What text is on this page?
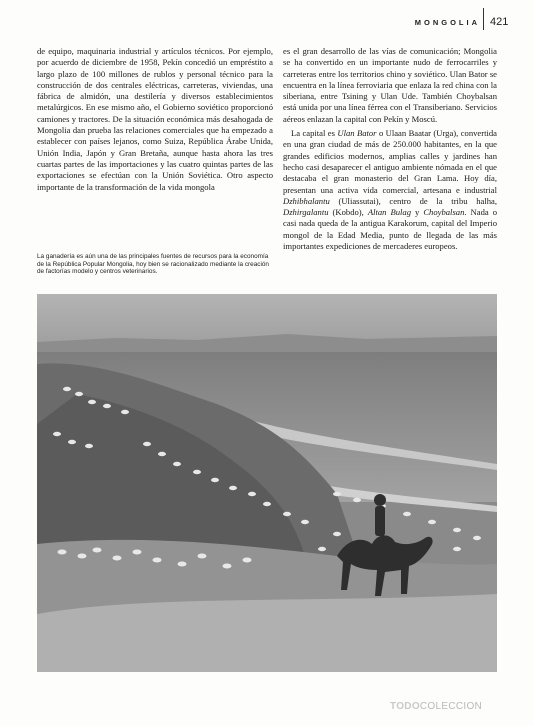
MONGOLIA 421

de equipo, maquinaria industrial y artículos técnicos. Por ejemplo, por acuerdo de diciembre de 1958, Pekín concedió un empréstito a largo plazo de 100 millones de rublos y personal técnico para la construcción de dos centrales eléctricas, carreteras, viviendas, una fábrica de almidón, una destilería y diversos establecimientos metalúrgicos. En ese mismo año, el Gobierno soviético proporcionó camiones y tractores. De la situación económica más desahogada de Mongolia dan prueba las relaciones comerciales que ha empezado a establecer con países lejanos, como Suiza, República Árabe Unida, Unión India, Japón y Gran Bretaña, aunque hasta ahora las tres cuartas partes de las importaciones y las cuatro quintas partes de las exportaciones se efectúan con la Unión Soviética. Otro aspecto importante de la transformación de la vida mongola

es el gran desarrollo de las vías de comunicación; Mongolia se ha convertido en un importante nudo de ferrocarriles y carreteras entre los territorios chino y soviético. Ulan Bator se encuentra en la línea ferroviaria que enlaza la red china con la siberiana, entre Tsining y Ulan Ude. También Choybalsan está unida por una línea férrea con el Transiberiano. Servicios aéreos enlazan la capital con Pekín y Moscú.

La capital es Ulan Bator o Ulaan Baatar (Urga), convertida en una gran ciudad de más de 250.000 habitantes, en la que grandes edificios modernos, amplias calles y jardines han hecho casi desaparecer el antiguo ambiente nómada en el que destacaba el gran monasterio del Gran Lama. Hoy día, presentan una activa vida comercial, artesana e industrial Dzhibhalantu (Uliassutai), centro de la tribu halha, Dzhirgalantu (Kobdo), Altan Bulag y Choybalsan. Nada o casi nada queda de la antigua Karakorum, capital del Imperio mongol de la Edad Media, punto de llegada de las más importantes expediciones de mercaderes europeos.

La ganadería es aún una de las principales fuentes de recursos para la economía de la República Popular Mongolia, hoy bien se racionalizado mediante la creación de factorías modelo y centros veterinarios.
TODOCOLECCION
